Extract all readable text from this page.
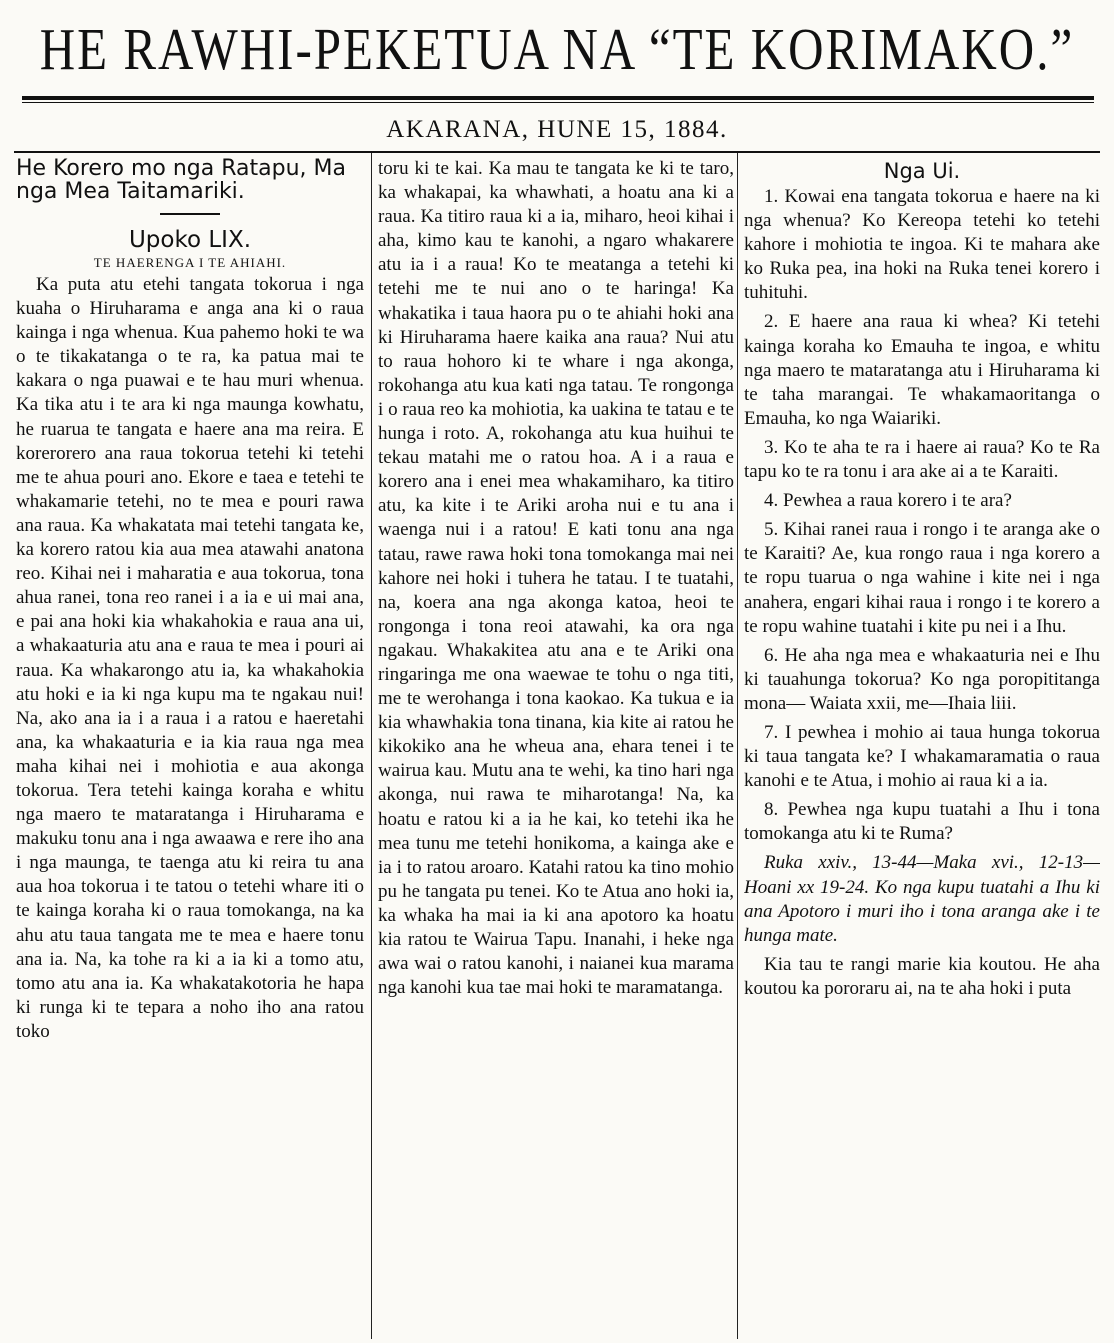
HE RAWHI-PEKETUA NA “TE KORIMAKO.”
AKARANA, HUNE 15, 1884.

He Korero mo nga Ratapu, Ma nga Mea Taitamariki.

Upoko LIX.

TE HAERENGA I TE AHIAHI.

Ka puta atu etehi tangata tokorua i nga kuaha o Hiruharama e anga ana ki o raua kainga i nga whenua. Kua pahemo hoki te wa o te tikakatanga o te ra, ka patua mai te kakara o nga puawai e te hau muri whenua. Ka tika atu i te ara ki nga maunga kowhatu, he ruarua te tangata e haere ana ma reira. E korerorero ana raua tokorua tetehi ki tetehi me te ahua pouri ano. Ekore e taea e tetehi te whakamarie tetehi, no te mea e pouri rawa ana raua. Ka whakatata mai tetehi tangata ke, ka korero ratou kia aua mea atawahi anatona reo. Kihai nei i maharatia e aua tokorua, tona ahua ranei, tona reo ranei i a ia e ui mai ana, e pai ana hoki kia whakahokia e raua ana ui, a whakaaturia atu ana e raua te mea i pouri ai raua. Ka whakarongo atu ia, ka whakahokia atu hoki e ia ki nga kupu ma te ngakau nui! Na, ako ana ia i a raua i a ratou e haeretahi ana, ka whakaaturia e ia kia raua nga mea maha kihai nei i mohiotia e aua akonga tokorua. Tera tetehi kainga koraha e whitu nga maero te mataratanga i Hiruharama e makuku tonu ana i nga awaawa e rere iho ana i nga maunga, te taenga atu ki reira tu ana aua hoa tokorua i te tatou o tetehi whare iti o te kainga koraha ki o raua tomokanga, na ka ahu atu taua tangata me te mea e haere tonu ana ia. Na, ka tohe ra ki a ia ki a tomo atu, tomo atu ana ia. Ka whakatakotoria he hapa ki runga ki te tepara a noho iho ana ratou toko

toru ki te kai. Ka mau te tangata ke ki te taro, ka whakapai, ka whawhati, a hoatu ana ki a raua. Ka titiro raua ki a ia, miharo, heoi kihai i aha, kimo kau te kanohi, a ngaro whakarere atu ia i a raua! Ko te meatanga a tetehi ki tetehi me te nui ano o te haringa! Ka whakatika i taua haora pu o te ahiahi hoki ana ki Hiruharama haere kaika ana raua? Nui atu to raua hohoro ki te whare i nga akonga, rokohanga atu kua kati nga tatau. Te rongonga i o raua reo ka mohiotia, ka uakina te tatau e te hunga i roto. A, rokohanga atu kua huihui te tekau matahi me o ratou hoa. A i a raua e korero ana i enei mea whakamiharo, ka titiro atu, ka kite i te Ariki aroha nui e tu ana i waenga nui i a ratou! E kati tonu ana nga tatau, rawe rawa hoki tona tomokanga mai nei kahore nei hoki i tuhera he tatau. I te tuatahi, na, koera ana nga akonga katoa, heoi te rongonga i tona reoi atawahi, ka ora nga ngakau. Whakakitea atu ana e te Ariki ona ringaringa me ona waewae te tohu o nga titi, me te werohanga i tona kaokao. Ka tukua e ia kia whawhakia tona tinana, kia kite ai ratou he kikokiko ana he wheua ana, ehara tenei i te wairua kau. Mutu ana te wehi, ka tino hari nga akonga, nui rawa te miharotanga! Na, ka hoatu e ratou ki a ia he kai, ko tetehi ika he mea tunu me tetehi honikoma, a kainga ake e ia i to ratou aroaro. Katahi ratou ka tino mohio pu he tangata pu tenei. Ko te Atua ano hoki ia, ka whaka ha mai ia ki ana apotoro ka hoatu kia ratou te Wairua Tapu. Inanahi, i heke nga awa wai o ratou kanohi, i naianei kua marama nga kanohi kua tae mai hoki te maramatanga.

Nga Ui.

1. Kowai ena tangata tokorua e haere na ki nga whenua? Ko Kereopa tetehi ko tetehi kahore i mohiotia te ingoa. Ki te mahara ake ko Ruka pea, ina hoki na Ruka tenei korero i tuhituhi.

2. E haere ana raua ki whea? Ki tetehi kainga koraha ko Emauha te ingoa, e whitu nga maero te mataratanga atu i Hiruharama ki te taha marangai. Te whakamaoritanga o Emauha, ko nga Waiariki.

3. Ko te aha te ra i haere ai raua? Ko te Ra tapu ko te ra tonu i ara ake ai a te Karaiti.

4. Pewhea a raua korero i te ara?

5. Kihai ranei raua i rongo i te aranga ake o te Karaiti? Ae, kua rongo raua i nga korero a te ropu tuarua o nga wahine i kite nei i nga anahera, engari kihai raua i rongo i te korero a te ropu wahine tuatahi i kite pu nei i a Ihu.

6. He aha nga mea e whakaaturia nei e Ihu ki tauahunga tokorua? Ko nga poropititanga mona— Waiata xxii, me—Ihaia liii.

7. I pewhea i mohio ai taua hunga tokorua ki taua tangata ke? I whakamaramatia o raua kanohi e te Atua, i mohio ai raua ki a ia.

8. Pewhea nga kupu tuatahi a Ihu i tona tomokanga atu ki te Ruma?

Ruka xxiv., 13-44—Maka xvi., 12-13—Hoani xx 19-24. Ko nga kupu tuatahi a Ihu ki ana Apotoro i muri iho i tona aranga ake i te hunga mate.

Kia tau te rangi marie kia koutou. He aha koutou ka pororaru ai, na te aha hoki i puta
